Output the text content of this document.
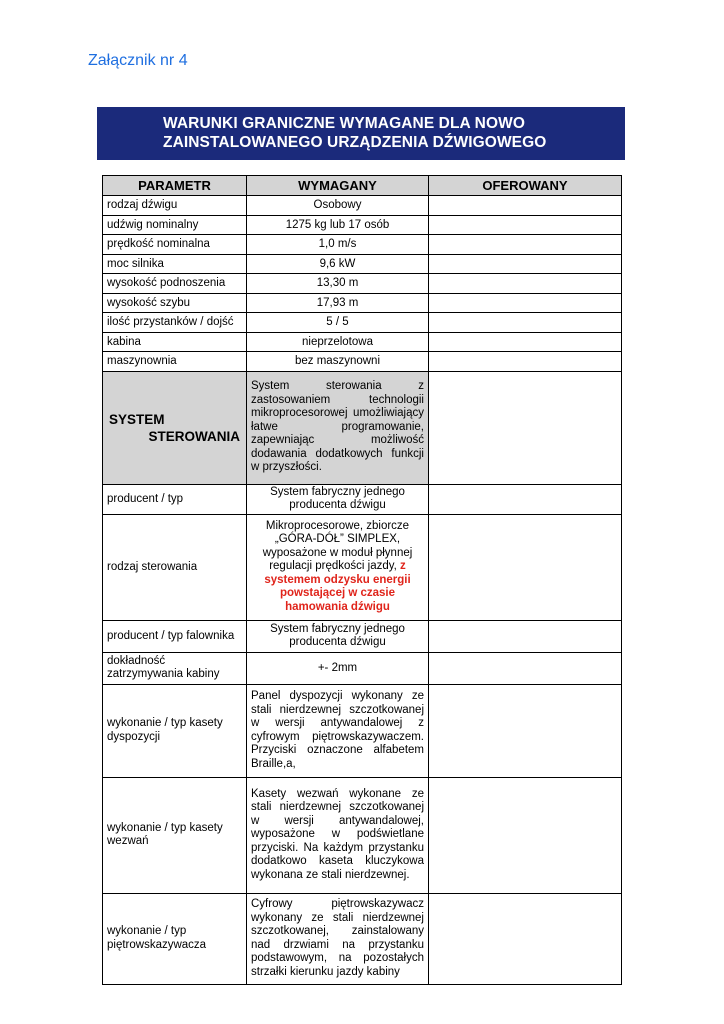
Załącznik nr 4
WARUNKI GRANICZNE WYMAGANE DLA NOWO
ZAINSTALOWANEGO URZĄDZENIA DŹWIGOWEGO
PARAMETR	WYMAGANY	OFEROWANY
rodzaj dźwigu	Osobowy	
udźwig nominalny	1275 kg lub 17 osób	
prędkość nominalna	1,0 m/s	
moc silnika	9,6 kW	
wysokość podnoszenia	13,30 m	
wysokość szybu	17,93 m	
ilość przystanków / dojść	5 / 5	
kabina	nieprzelotowa	
maszynownia	bez maszynowni	

SYSTEM
STEROWANIA	System sterowania z zastosowaniem technologii mikroprocesorowej umożliwiający łatwe programowanie, zapewniając możliwość dodawania dodatkowych funkcji w przyszłości.	
producent / typ	System fabryczny jednego producenta dźwigu	
rodzaj sterowania	Mikroprocesorowe, zbiorcze „GÓRA-DÓŁ” SIMPLEX, wyposażone w moduł płynnej regulacji prędkości jazdy, z systemem odzysku energii powstającej w czasie hamowania dźwigu	
producent / typ falownika	System fabryczny jednego producenta dźwigu	
dokładność zatrzymywania kabiny	+- 2mm	
wykonanie / typ kasety dyspozycji	Panel dyspozycji wykonany ze stali nierdzewnej szczotkowanej w wersji antywandalowej z cyfrowym piętrowskazywaczem. Przyciski oznaczone alfabetem Braille,a,	
wykonanie / typ kasety wezwań	Kasety wezwań wykonane ze stali nierdzewnej szczotkowanej w wersji antywandalowej, wyposażone w podświetlane przyciski. Na każdym przystanku dodatkowo kaseta kluczykowa wykonana ze stali nierdzewnej.	
wykonanie / typ piętrowskazywacza	Cyfrowy piętrowskazywacz wykonany ze stali nierdzewnej szczotkowanej, zainstalowany nad drzwiami na przystanku podstawowym, na pozostałych strzałki kierunku jazdy kabiny	
